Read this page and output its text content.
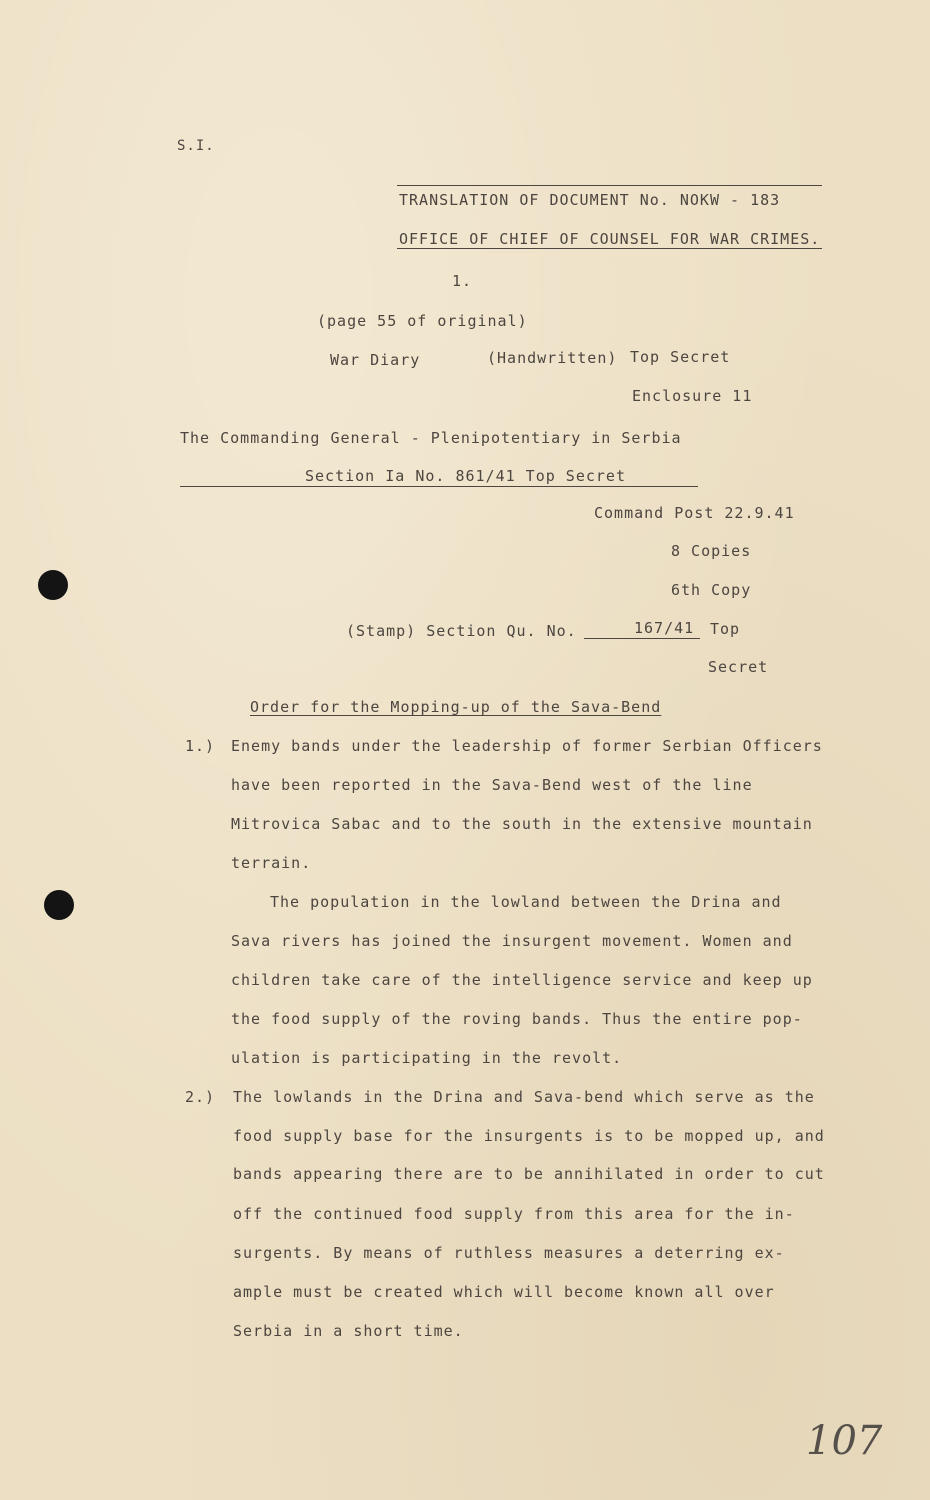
S.I.
TRANSLATION OF DOCUMENT No. NOKW - 183
OFFICE OF CHIEF OF COUNSEL FOR WAR CRIMES.
1.
(page 55 of original)
War Diary	(Handwritten) Top Secret
Enclosure 11
The Commanding General - Plenipotentiary in Serbia
Section Ia No. 861/41 Top Secret
Command Post 22.9.41
8 Copies
6th Copy
(Stamp) Section Qu. No.	167/41 Top
Secret
Order for the Mopping-up of the Sava-Bend
1.) Enemy bands under the leadership of former Serbian Officers
have been reported in the Sava-Bend west of the line
Mitrovica Sabac and to the south in the extensive mountain
terrain.
The population in the lowland between the Drina and
Sava rivers has joined the insurgent movement. Women and
children take care of the intelligence service and keep up
the food supply of the roving bands. Thus the entire pop-
ulation is participating in the revolt.
2.) The lowlands in the Drina and Sava-bend which serve as the
food supply base for the insurgents is to be mopped up, and
bands appearing there are to be annihilated in order to cut
off the continued food supply from this area for the in-
surgents. By means of ruthless measures a deterring ex-
ample must be created which will become known all over
Serbia in a short time.
107
